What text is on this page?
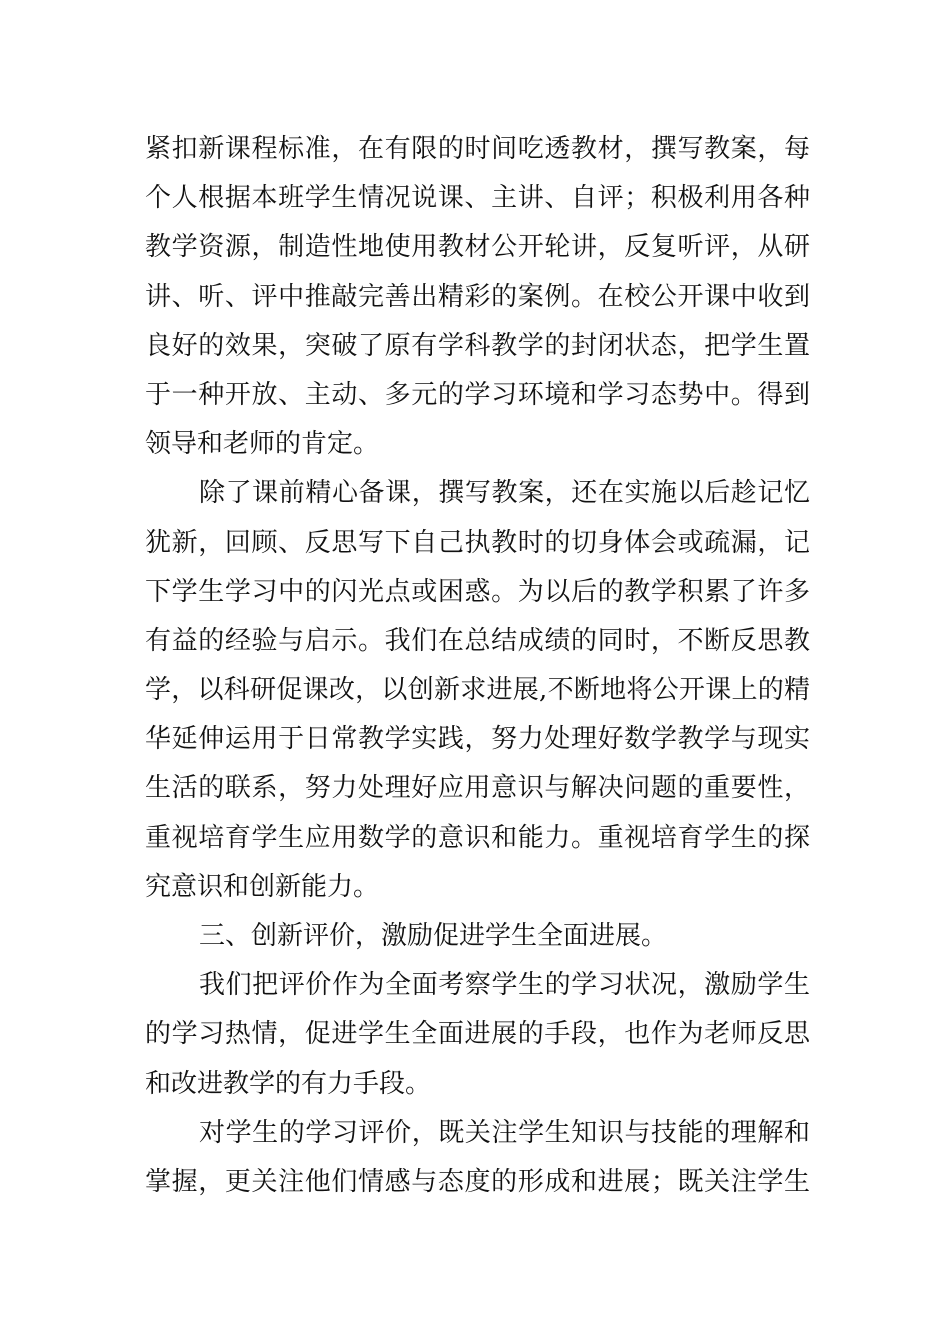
紧扣新课程标准，在有限的时间吃透教材，撰写教案，每
个人根据本班学生情况说课、主讲、自评；积极利用各种
教学资源，制造性地使用教材公开轮讲，反复听评，从研
讲、听、评中推敲完善出精彩的案例。在校公开课中收到
良好的效果，突破了原有学科教学的封闭状态，把学生置
于一种开放、主动、多元的学习环境和学习态势中。得到
领导和老师的肯定。
除了课前精心备课，撰写教案，还在实施以后趁记忆
犹新，回顾、反思写下自己执教时的切身体会或疏漏，记
下学生学习中的闪光点或困惑。为以后的教学积累了许多
有益的经验与启示。我们在总结成绩的同时，不断反思教
学，以科研促课改，以创新求进展,不断地将公开课上的精
华延伸运用于日常教学实践，努力处理好数学教学与现实
生活的联系，努力处理好应用意识与解决问题的重要性，
重视培育学生应用数学的意识和能力。重视培育学生的探
究意识和创新能力。
三、创新评价，激励促进学生全面进展。
我们把评价作为全面考察学生的学习状况，激励学生
的学习热情，促进学生全面进展的手段，也作为老师反思
和改进教学的有力手段。
对学生的学习评价，既关注学生知识与技能的理解和
掌握，更关注他们情感与态度的形成和进展；既关注学生
